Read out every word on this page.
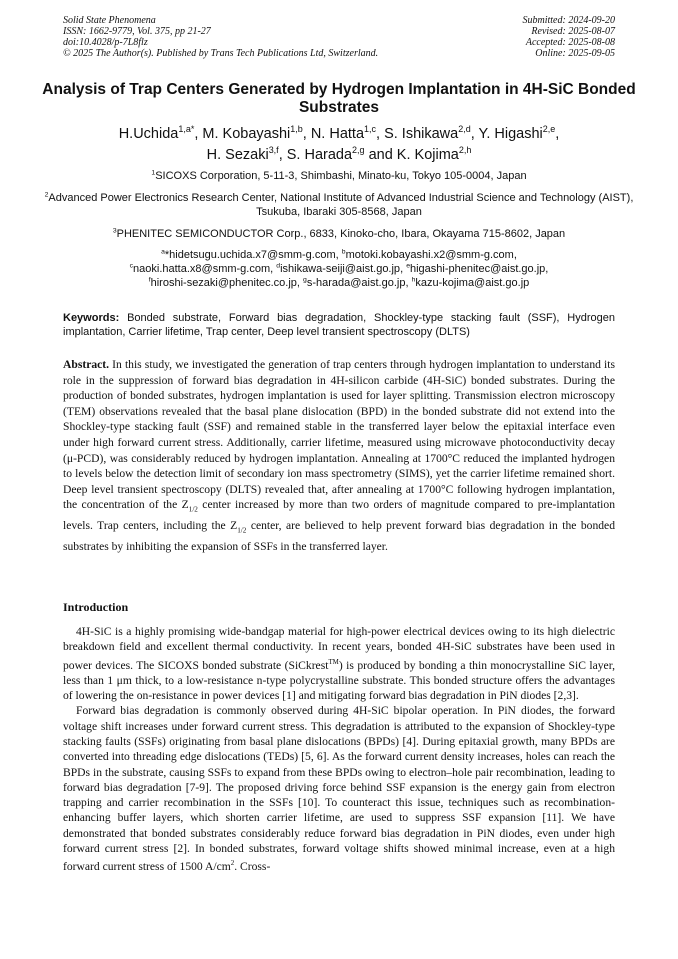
Solid State Phenomena
ISSN: 1662-9779, Vol. 375, pp 21-27
doi:10.4028/p-7L8flz
© 2025 The Author(s). Published by Trans Tech Publications Ltd, Switzerland.
Submitted: 2024-09-20
Revised: 2025-08-07
Accepted: 2025-08-08
Online: 2025-09-05
Analysis of Trap Centers Generated by Hydrogen Implantation in 4H-SiC Bonded Substrates
H.Uchida$^{1,a*}$, M. Kobayashi$^{1,b}$, N. Hatta$^{1,c}$, S. Ishikawa$^{2,d}$, Y. Higashi$^{2,e}$,
H. Sezaki$^{3,f}$, S. Harada$^{2,g}$ and K. Kojima$^{2,h}$
$^1$SICOXS Corporation, 5-11-3, Shimbashi, Minato-ku, Tokyo 105-0004, Japan
$^2$Advanced Power Electronics Research Center, National Institute of Advanced Industrial Science and Technology (AIST), Tsukuba, Ibaraki 305-8568, Japan
$^3$PHENITEC SEMICONDUCTOR Corp., 6833, Kinoko-cho, Ibara, Okayama 715-8602, Japan
$^a$*hidetsugu.uchida.x7@smm-g.com, $^b$motoki.kobayashi.x2@smm-g.com,
$^c$naoki.hatta.x8@smm-g.com, $^d$ishikawa-seiji@aist.go.jp, $^e$higashi-phenitec@aist.go.jp,
$^f$hiroshi-sezaki@phenitec.co.jp, $^g$s-harada@aist.go.jp, $^h$kazu-kojima@aist.go.jp
Keywords: Bonded substrate, Forward bias degradation, Shockley-type stacking fault (SSF), Hydrogen implantation, Carrier lifetime, Trap center, Deep level transient spectroscopy (DLTS)
Abstract. In this study, we investigated the generation of trap centers through hydrogen implantation to understand its role in the suppression of forward bias degradation in 4H-silicon carbide (4H-SiC) bonded substrates. During the production of bonded substrates, hydrogen implantation is used for layer splitting. Transmission electron microscopy (TEM) observations revealed that the basal plane dislocation (BPD) in the bonded substrate did not extend into the Shockley-type stacking fault (SSF) and remained stable in the transferred layer below the epitaxial interface even under high forward current stress. Additionally, carrier lifetime, measured using microwave photoconductivity decay (μ-PCD), was considerably reduced by hydrogen implantation. Annealing at 1700°C reduced the implanted hydrogen to levels below the detection limit of secondary ion mass spectrometry (SIMS), yet the carrier lifetime remained short. Deep level transient spectroscopy (DLTS) revealed that, after annealing at 1700°C following hydrogen implantation, the concentration of the $Z_{1/2}$ center increased by more than two orders of magnitude compared to pre-implantation levels. Trap centers, including the $Z_{1/2}$ center, are believed to help prevent forward bias degradation in the bonded substrates by inhibiting the expansion of SSFs in the transferred layer.
Introduction

4H-SiC is a highly promising wide-bandgap material for high-power electrical devices owing to its high dielectric breakdown field and excellent thermal conductivity. In recent years, bonded 4H-SiC substrates have been used in power devices. The SICOXS bonded substrate (SiCkrest™) is produced by bonding a thin monocrystalline SiC layer, less than 1 μm thick, to a low-resistance n-type polycrystalline substrate. This bonded structure offers the advantages of lowering the on-resistance in power devices [1] and mitigating forward bias degradation in PiN diodes [2,3].

Forward bias degradation is commonly observed during 4H-SiC bipolar operation. In PiN diodes, the forward voltage shift increases under forward current stress. This degradation is attributed to the expansion of Shockley-type stacking faults (SSFs) originating from basal plane dislocations (BPDs) [4]. During epitaxial growth, many BPDs are converted into threading edge dislocations (TEDs) [5, 6]. As the forward current density increases, holes can reach the BPDs in the substrate, causing SSFs to expand from these BPDs owing to electron–hole pair recombination, leading to forward bias degradation [7-9]. The proposed driving force behind SSF expansion is the energy gain from electron trapping and carrier recombination in the SSFs [10]. To counteract this issue, techniques such as recombination-enhancing buffer layers, which shorten carrier lifetime, are used to suppress SSF expansion [11]. We have demonstrated that bonded substrates considerably reduce forward bias degradation in PiN diodes, even under high forward current stress [2]. In bonded substrates, forward voltage shifts showed minimal increase, even at a high forward current stress of 1500 $A/cm^2$. Cross-
